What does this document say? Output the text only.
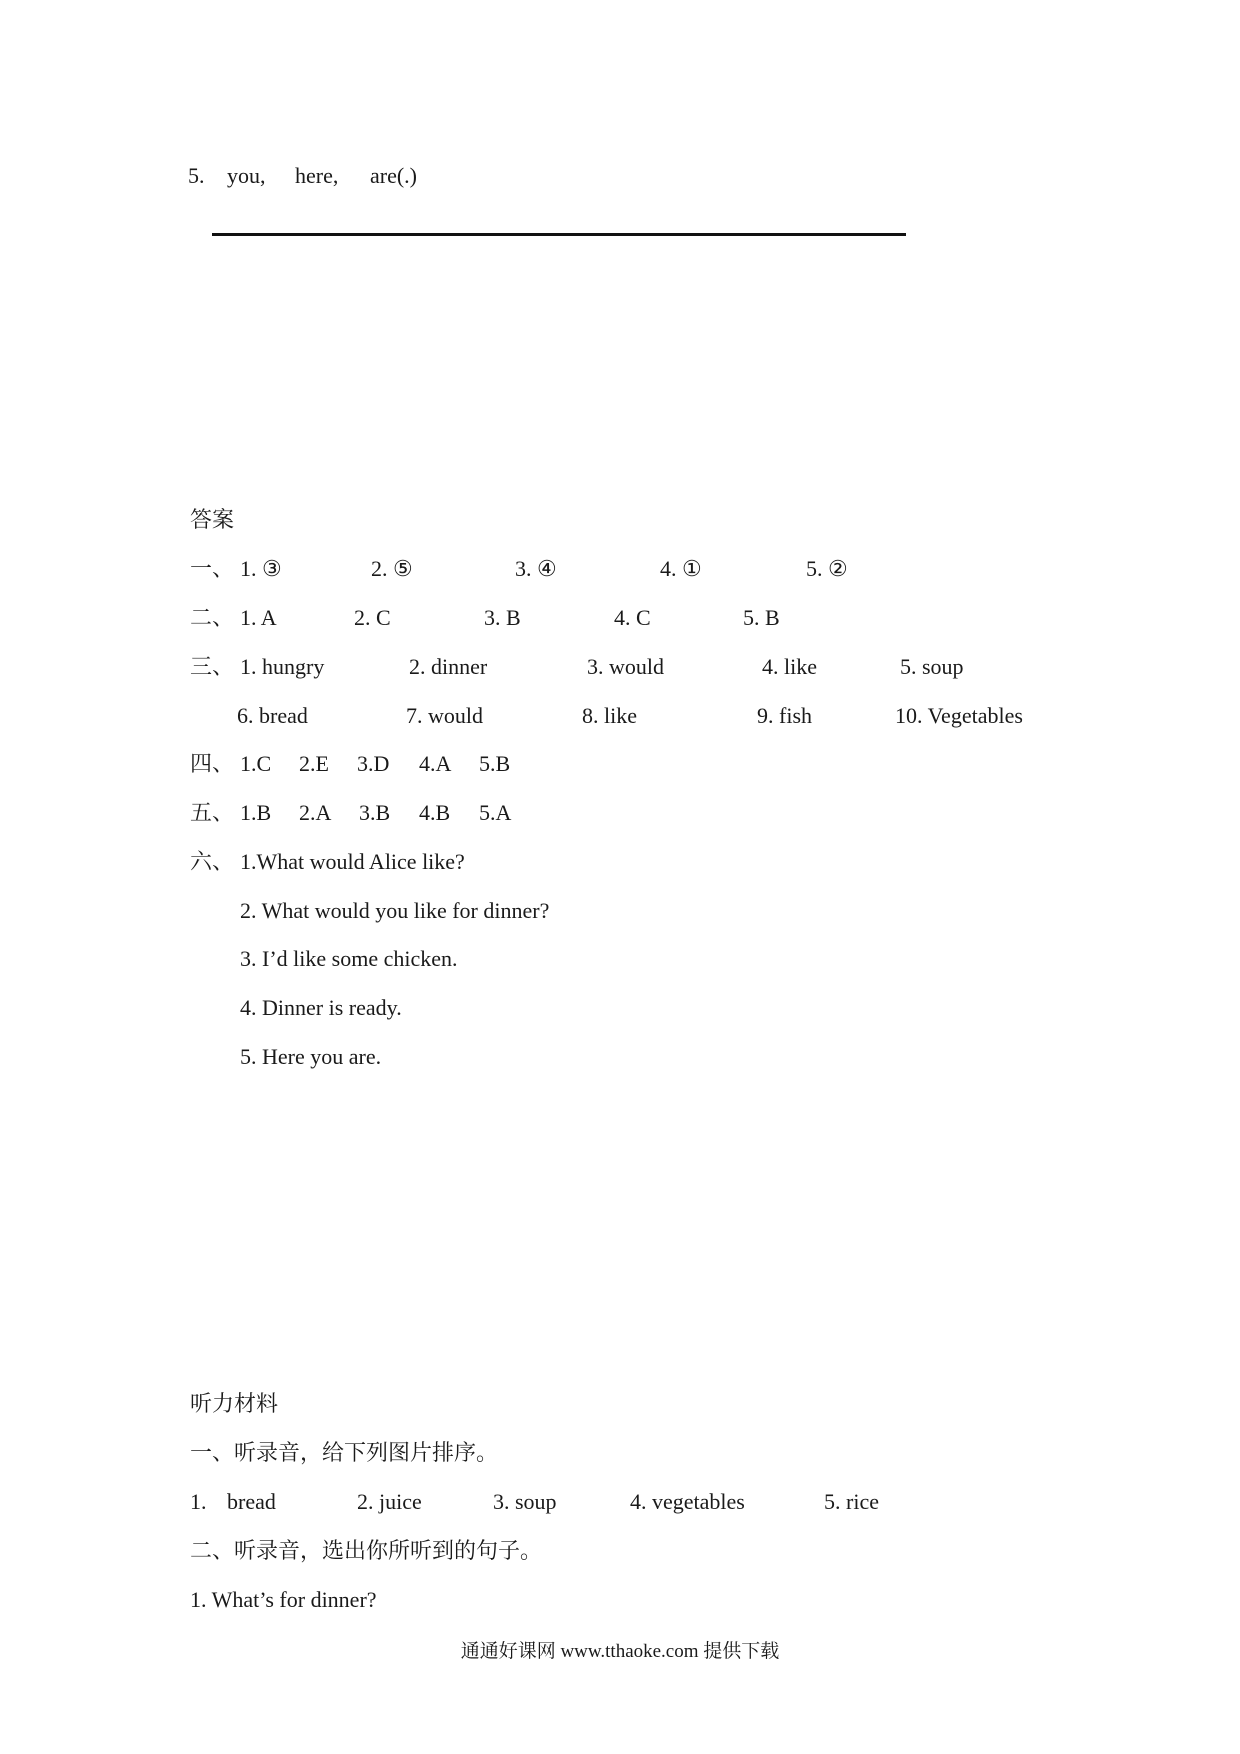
5. you, here, are(.)
答案
一、 1. ③	2. ⑤	3. ④	4. ①	5. ②
二、 1. A	2. C	3. B	4. C	5. B
三、 1. hungry	2. dinner	3. would	4. like	5. soup
6. bread	7. would	8. like	9. fish	10. Vegetables
四、 1.C 2.E 3.D 4.A 5.B
五、 1.B 2.A 3.B 4.B 5.A
六、 1.What would Alice like?
2. What would you like for dinner?
3. I’d like some chicken.
4. Dinner is ready.
5. Here you are.
听力材料
一、听录音，给下列图片排序。
1. bread	2. juice	3. soup	4. vegetables	5. rice
二、听录音，选出你所听到的句子。
1. What’s for dinner?
通通好课网 www.tthaoke.com 提供下载
